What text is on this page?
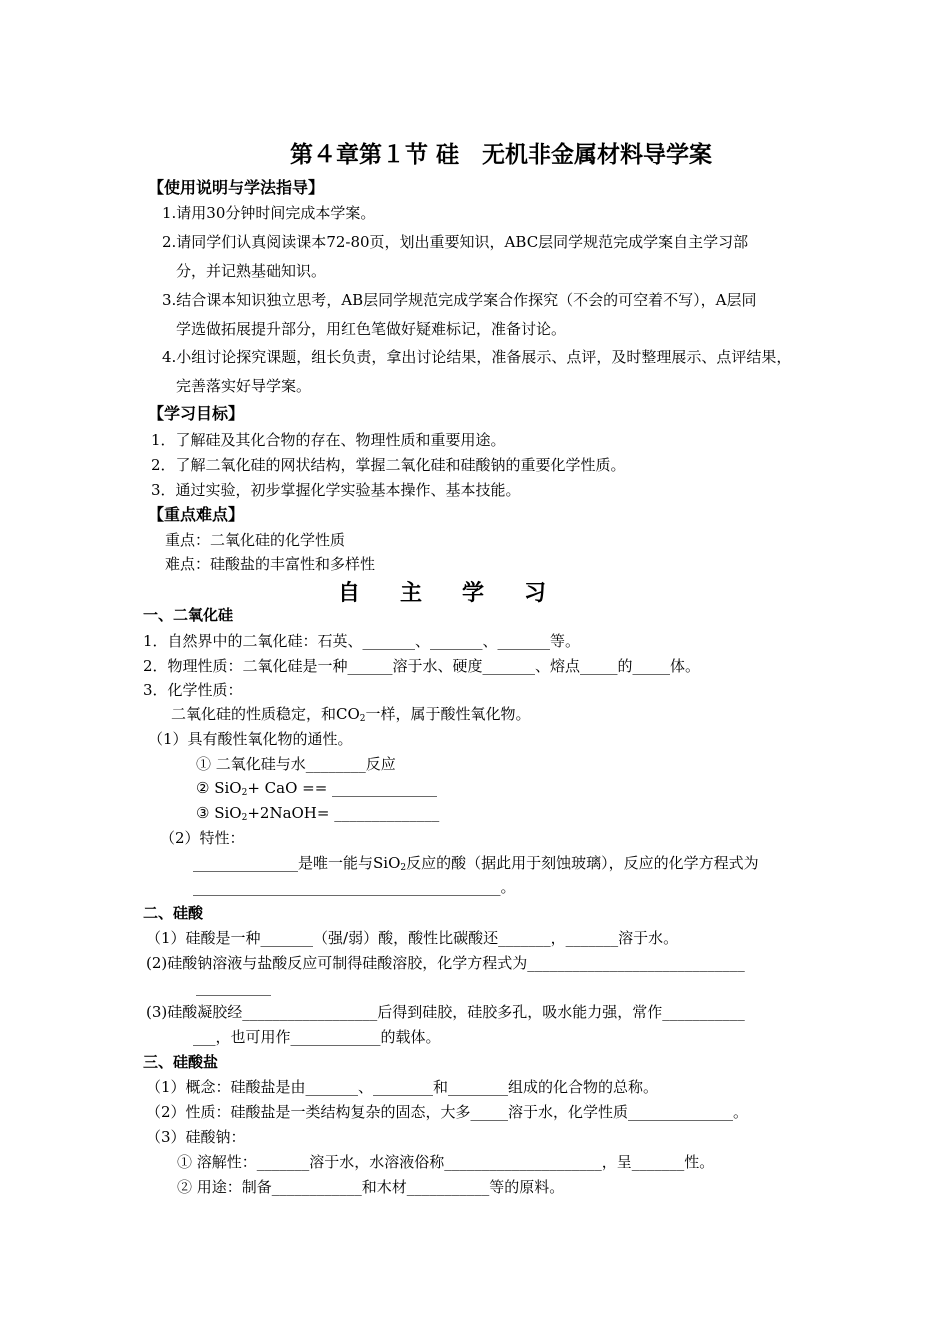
第４章第１节 硅　无机非金属材料导学案
【使用说明与学法指导】
1.请用30分钟时间完成本学案。
2.请同学们认真阅读课本72-80页，划出重要知识，ABC层同学规范完成学案自主学习部
分，并记熟基础知识。
3.结合课本知识独立思考，AB层同学规范完成学案合作探究（不会的可空着不写），A层同
学选做拓展提升部分，用红色笔做好疑难标记，准备讨论。
4.小组讨论探究课题，组长负责，拿出讨论结果，准备展示、点评，及时整理展示、点评结果，
完善落实好导学案。
【学习目标】
1．了解硅及其化合物的存在、物理性质和重要用途。
2．了解二氧化硅的网状结构，掌握二氧化硅和硅酸钠的重要化学性质。
3．通过实验，初步掌握化学实验基本操作、基本技能。
【重点难点】
重点：二氧化硅的化学性质
难点：硅酸盐的丰富性和多样性
自主学习
一、二氧化硅
1．自然界中的二氧化硅：石英、_______、_______、_______等。
2．物理性质：二氧化硅是一种______溶于水、硬度_______、熔点_____的_____体。
3．化学性质：
二氧化硅的性质稳定，和$CO_2$一样，属于酸性氧化物。
（1）具有酸性氧化物的通性。
① 二氧化硅与水________反应
② SiO$_2$+ CaO == ______________
③ SiO$_2$+2NaOH= ______________
（2）特性：
______________是唯一能与SiO$_2$反应的酸（据此用于刻蚀玻璃），反应的化学方程式为
_________________________________________。
二、硅酸
（1）硅酸是一种_______（强/弱）酸，酸性比碳酸还_______，_______溶于水。
(2)硅酸钠溶液与盐酸反应可制得硅酸溶胶，化学方程式为_____________________________
__________
(3)硅酸凝胶经__________________后得到硅胶，硅胶多孔，吸水能力强，常作___________
___，也可用作____________的载体。
三、硅酸盐
（1）概念：硅酸盐是由_______、________和________组成的化合物的总称。
（2）性质：硅酸盐是一类结构复杂的固态，大多_____溶于水，化学性质______________。
（3）硅酸钠：
① 溶解性：_______溶于水，水溶液俗称_____________________，呈_______性。
② 用途：制备____________和木材___________等的原料。
